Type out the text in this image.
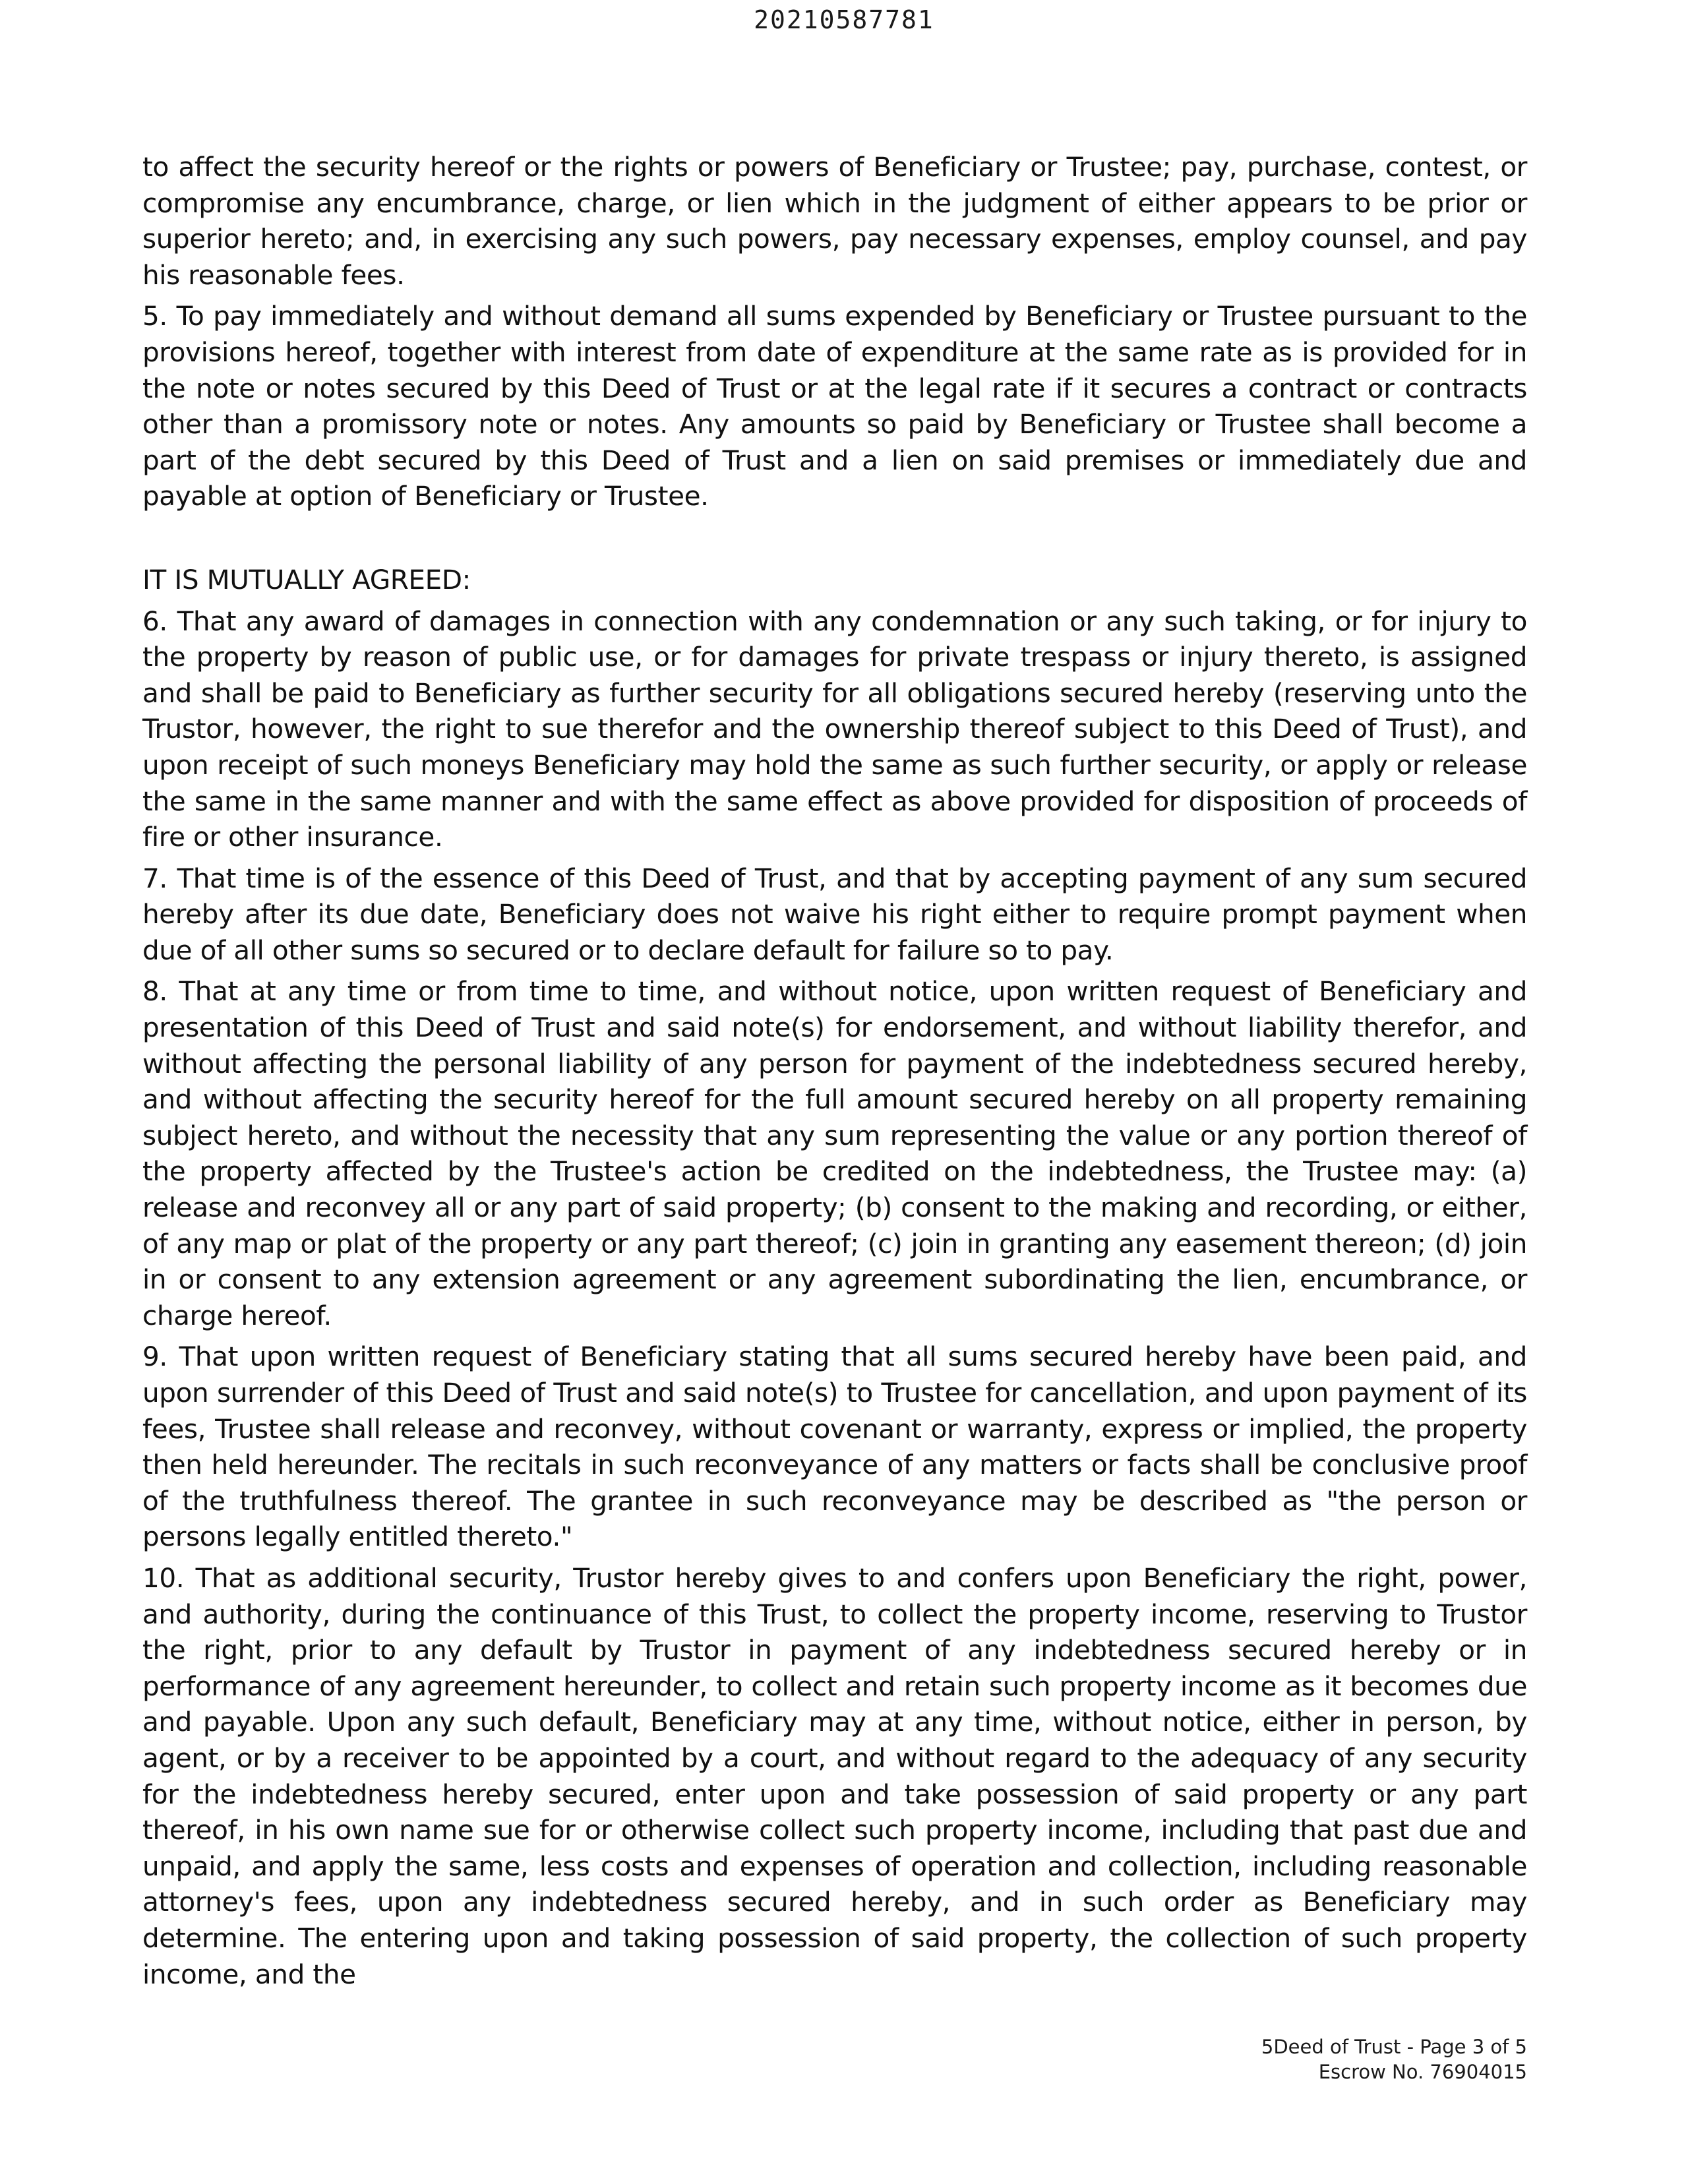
20210587781

to affect the security hereof or the rights or powers of Beneficiary or Trustee; pay, purchase, contest, or compromise any encumbrance, charge, or lien which in the judgment of either appears to be prior or superior hereto; and, in exercising any such powers, pay necessary expenses, employ counsel, and pay his reasonable fees.

5. To pay immediately and without demand all sums expended by Beneficiary or Trustee pursuant to the provisions hereof, together with interest from date of expenditure at the same rate as is provided for in the note or notes secured by this Deed of Trust or at the legal rate if it secures a contract or contracts other than a promissory note or notes. Any amounts so paid by Beneficiary or Trustee shall become a part of the debt secured by this Deed of Trust and a lien on said premises or immediately due and payable at option of Beneficiary or Trustee.

IT IS MUTUALLY AGREED:

6. That any award of damages in connection with any condemnation or any such taking, or for injury to the property by reason of public use, or for damages for private trespass or injury thereto, is assigned and shall be paid to Beneficiary as further security for all obligations secured hereby (reserving unto the Trustor, however, the right to sue therefor and the ownership thereof subject to this Deed of Trust), and upon receipt of such moneys Beneficiary may hold the same as such further security, or apply or release the same in the same manner and with the same effect as above provided for disposition of proceeds of fire or other insurance.

7. That time is of the essence of this Deed of Trust, and that by accepting payment of any sum secured hereby after its due date, Beneficiary does not waive his right either to require prompt payment when due of all other sums so secured or to declare default for failure so to pay.

8. That at any time or from time to time, and without notice, upon written request of Beneficiary and presentation of this Deed of Trust and said note(s) for endorsement, and without liability therefor, and without affecting the personal liability of any person for payment of the indebtedness secured hereby, and without affecting the security hereof for the full amount secured hereby on all property remaining subject hereto, and without the necessity that any sum representing the value or any portion thereof of the property affected by the Trustee's action be credited on the indebtedness, the Trustee may: (a) release and reconvey all or any part of said property; (b) consent to the making and recording, or either, of any map or plat of the property or any part thereof; (c) join in granting any easement thereon; (d) join in or consent to any extension agreement or any agreement subordinating the lien, encumbrance, or charge hereof.

9. That upon written request of Beneficiary stating that all sums secured hereby have been paid, and upon surrender of this Deed of Trust and said note(s) to Trustee for cancellation, and upon payment of its fees, Trustee shall release and reconvey, without covenant or warranty, express or implied, the property then held hereunder. The recitals in such reconveyance of any matters or facts shall be conclusive proof of the truthfulness thereof. The grantee in such reconveyance may be described as "the person or persons legally entitled thereto."

10. That as additional security, Trustor hereby gives to and confers upon Beneficiary the right, power, and authority, during the continuance of this Trust, to collect the property income, reserving to Trustor the right, prior to any default by Trustor in payment of any indebtedness secured hereby or in performance of any agreement hereunder, to collect and retain such property income as it becomes due and payable. Upon any such default, Beneficiary may at any time, without notice, either in person, by agent, or by a receiver to be appointed by a court, and without regard to the adequacy of any security for the indebtedness hereby secured, enter upon and take possession of said property or any part thereof, in his own name sue for or otherwise collect such property income, including that past due and unpaid, and apply the same, less costs and expenses of operation and collection, including reasonable attorney's fees, upon any indebtedness secured hereby, and in such order as Beneficiary may determine. The entering upon and taking possession of said property, the collection of such property income, and the

5Deed of Trust - Page 3 of 5
Escrow No. 76904015
